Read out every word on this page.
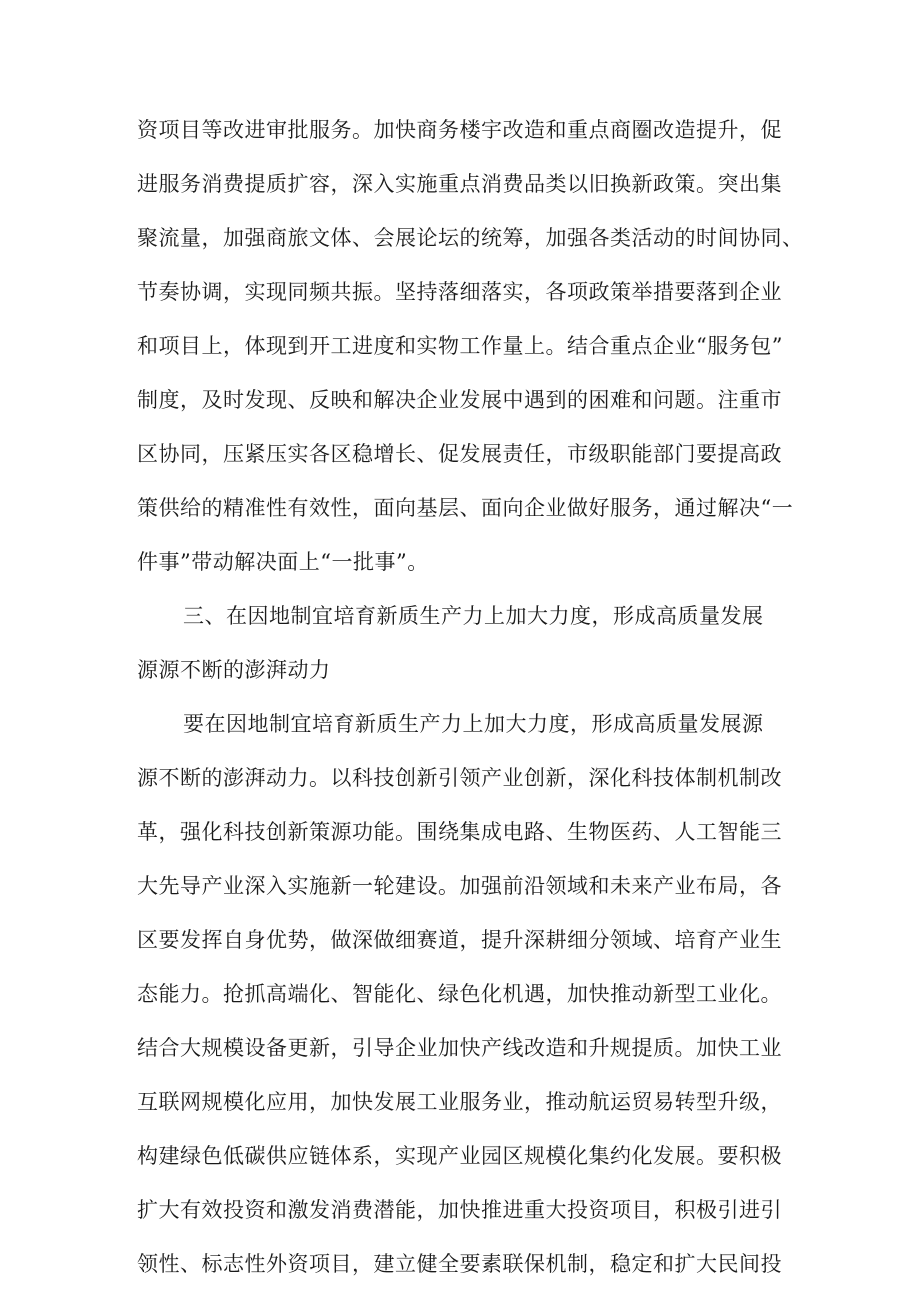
资项目等改进审批服务。加快商务楼宇改造和重点商圈改造提升，促
进服务消费提质扩容，深入实施重点消费品类以旧换新政策。突出集
聚流量，加强商旅文体、会展论坛的统筹，加强各类活动的时间协同、
节奏协调，实现同频共振。坚持落细落实，各项政策举措要落到企业
和项目上，体现到开工进度和实物工作量上。结合重点企业“服务包”
制度，及时发现、反映和解决企业发展中遇到的困难和问题。注重市
区协同，压紧压实各区稳增长、促发展责任，市级职能部门要提高政
策供给的精准性有效性，面向基层、面向企业做好服务，通过解决“一
件事”带动解决面上“一批事”。
三、在因地制宜培育新质生产力上加大力度，形成高质量发展
源源不断的澎湃动力
要在因地制宜培育新质生产力上加大力度，形成高质量发展源
源不断的澎湃动力。以科技创新引领产业创新，深化科技体制机制改
革，强化科技创新策源功能。围绕集成电路、生物医药、人工智能三
大先导产业深入实施新一轮建设。加强前沿领域和未来产业布局，各
区要发挥自身优势，做深做细赛道，提升深耕细分领域、培育产业生
态能力。抢抓高端化、智能化、绿色化机遇，加快推动新型工业化。
结合大规模设备更新，引导企业加快产线改造和升规提质。加快工业
互联网规模化应用，加快发展工业服务业，推动航运贸易转型升级，
构建绿色低碳供应链体系，实现产业园区规模化集约化发展。要积极
扩大有效投资和激发消费潜能，加快推进重大投资项目，积极引进引
领性、标志性外资项目，建立健全要素联保机制，稳定和扩大民间投
